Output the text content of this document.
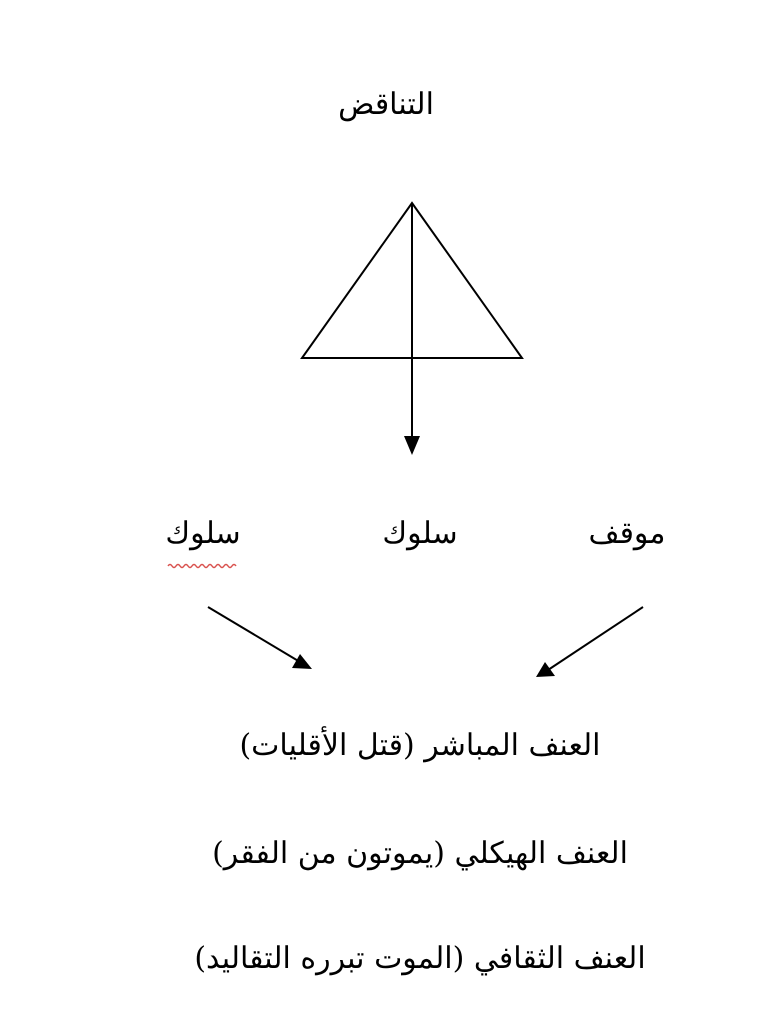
التناقض
سلوك	سلوك	موقف
العنف المباشر (قتل الأقليات)
العنف الهيكلي (يموتون من الفقر)
العنف الثقافي (الموت تبرره التقاليد)
